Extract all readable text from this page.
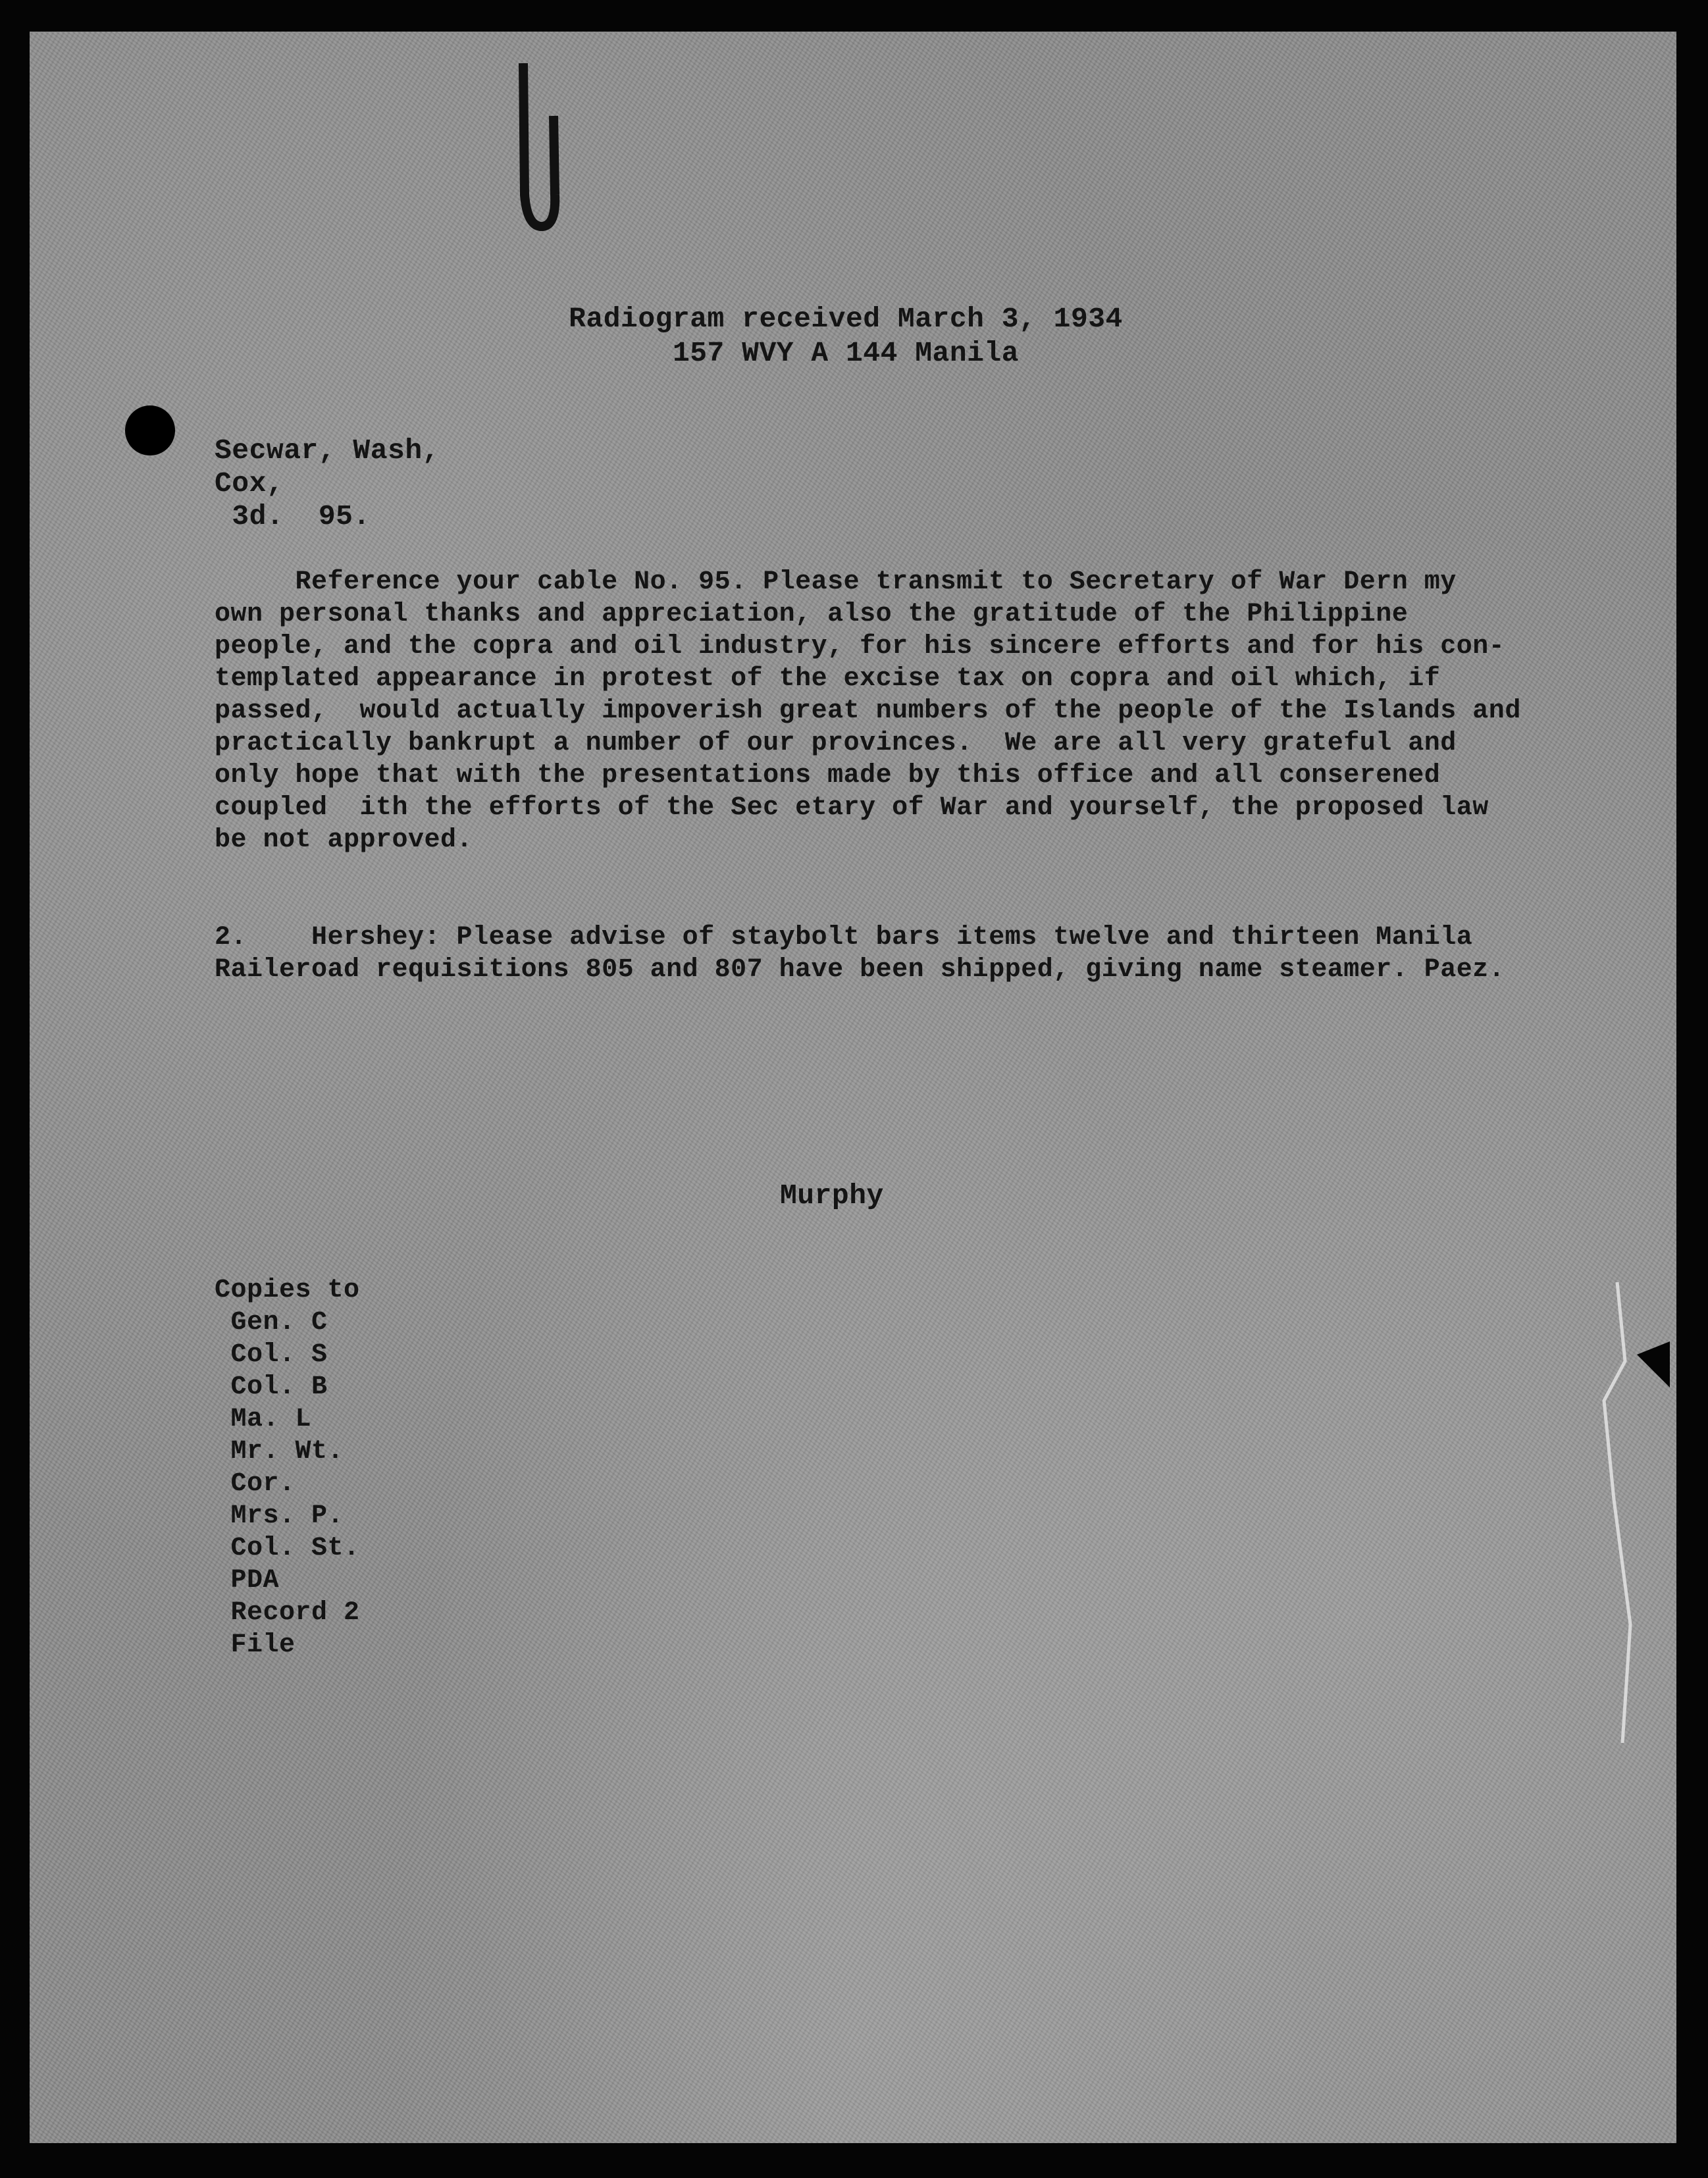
Radiogram received March 3, 1934
157 WVY A 144 Manila
Secwar, Wash,
Cox,
3d.  95.
Reference your cable No. 95. Please transmit to Secretary of War Dern my
own personal thanks and appreciation, also the gratitude of the Philippine
people, and the copra and oil industry, for his sincere efforts and for his con-
templated appearance in protest of the excise tax on copra and oil which, if
passed,  would actually impoverish great numbers of the people of the Islands and
practically bankrupt a number of our provinces.  We are all very grateful and
only hope that with the presentations made by this office and all conserened
coupled  ith the efforts of the Sec etary of War and yourself, the proposed law
be not approved.
2.    Hershey: Please advise of staybolt bars items twelve and thirteen Manila
Raileroad requisitions 805 and 807 have been shipped, giving name steamer. Paez.
Murphy
Copies to
Gen. C
Col. S
Col. B
Ma. L
Mr. Wt.
Cor.
Mrs. P.
Col. St.
PDA
Record 2
File
